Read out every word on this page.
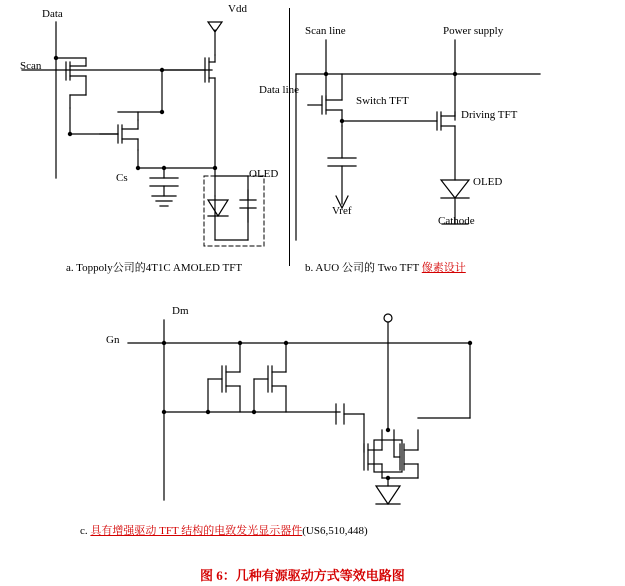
Data
Scan
Vdd
Cs	OLED
a. Toppoly公司的4T1C AMOLED TFT
Scan line	Power supply
Data line
Switch TFT
Driving TFT
Vref
OLED
Cathode
b. AUO 公司的 Two TFT 像素设计
Dm
Gn
c. 具有增强驱动 TFT 结构的电致发光显示器件(US6,510,448)
图 6：几种有源驱动方式等效电路图
